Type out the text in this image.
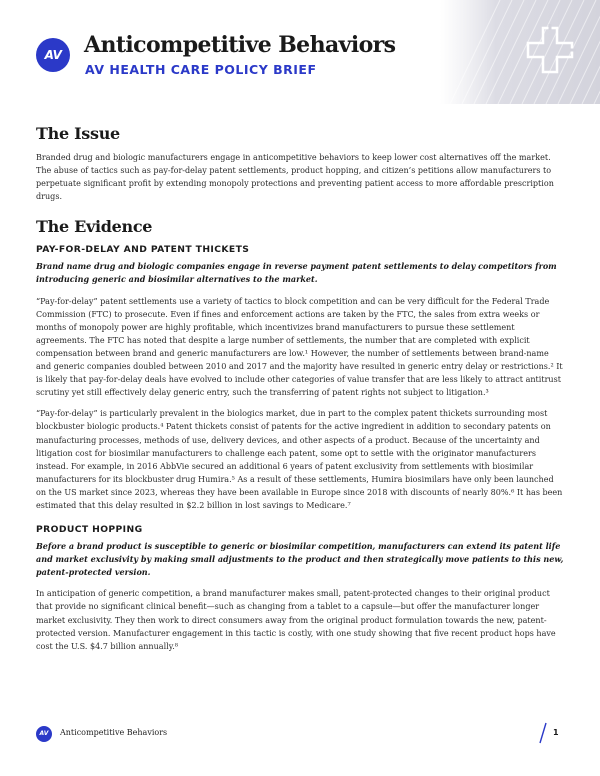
AV	Anticompetitive Behaviors
AV HEALTH CARE POLICY BRIEF
The Issue

Branded drug and biologic manufacturers engage in anticompetitive behaviors to keep lower cost alternatives off the market. The abuse of tactics such as pay-for-delay patent settlements, product hopping, and citizen’s petitions allow manufacturers to perpetuate significant profit by extending monopoly protections and preventing patient access to more affordable prescription drugs.

The Evidence
PAY-FOR-DELAY AND PATENT THICKETS

Brand name drug and biologic companies engage in reverse payment patent settlements to delay competitors from introducing generic and biosimilar alternatives to the market.

“Pay-for-delay” patent settlements use a variety of tactics to block competition and can be very difficult for the Federal Trade Commission (FTC) to prosecute. Even if fines and enforcement actions are taken by the FTC, the sales from extra weeks or months of monopoly power are highly profitable, which incentivizes brand manufacturers to pursue these settlement agreements. The FTC has noted that despite a large number of settlements, the number that are completed with explicit compensation between brand and generic manufacturers are low.¹ However, the number of settlements between brand-name and generic companies doubled between 2010 and 2017 and the majority have resulted in generic entry delay or restrictions.² It is likely that pay-for-delay deals have evolved to include other categories of value transfer that are less likely to attract antitrust scrutiny yet still effectively delay generic entry, such the transferring of patent rights not subject to litigation.³

“Pay-for-delay” is particularly prevalent in the biologics market, due in part to the complex patent thickets surrounding most blockbuster biologic products.⁴ Patent thickets consist of patents for the active ingredient in addition to secondary patents on manufacturing processes, methods of use, delivery devices, and other aspects of a product. Because of the uncertainty and litigation cost for biosimilar manufacturers to challenge each patent, some opt to settle with the originator manufacturers instead. For example, in 2016 AbbVie secured an additional 6 years of patent exclusivity from settlements with biosimilar manufacturers for its blockbuster drug Humira.⁵ As a result of these settlements, Humira biosimilars have only been launched on the US market since 2023, whereas they have been available in Europe since 2018 with discounts of nearly 80%.⁶ It has been estimated that this delay resulted in $2.2 billion in lost savings to Medicare.⁷

PRODUCT HOPPING

Before a brand product is susceptible to generic or biosimilar competition, manufacturers can extend its patent life and market exclusivity by making small adjustments to the product and then strategically move patients to this new, patent-protected version.

In anticipation of generic competition, a brand manufacturer makes small, patent-protected changes to their original product that provide no significant clinical benefit—such as changing from a tablet to a capsule—but offer the manufacturer longer market exclusivity. They then work to direct consumers away from the original product formulation towards the new, patent-protected version. Manufacturer engagement in this tactic is costly, with one study showing that five recent product hops have cost the U.S. $4.7 billion annually.⁸

AV	Anticompetitive Behaviors	1
